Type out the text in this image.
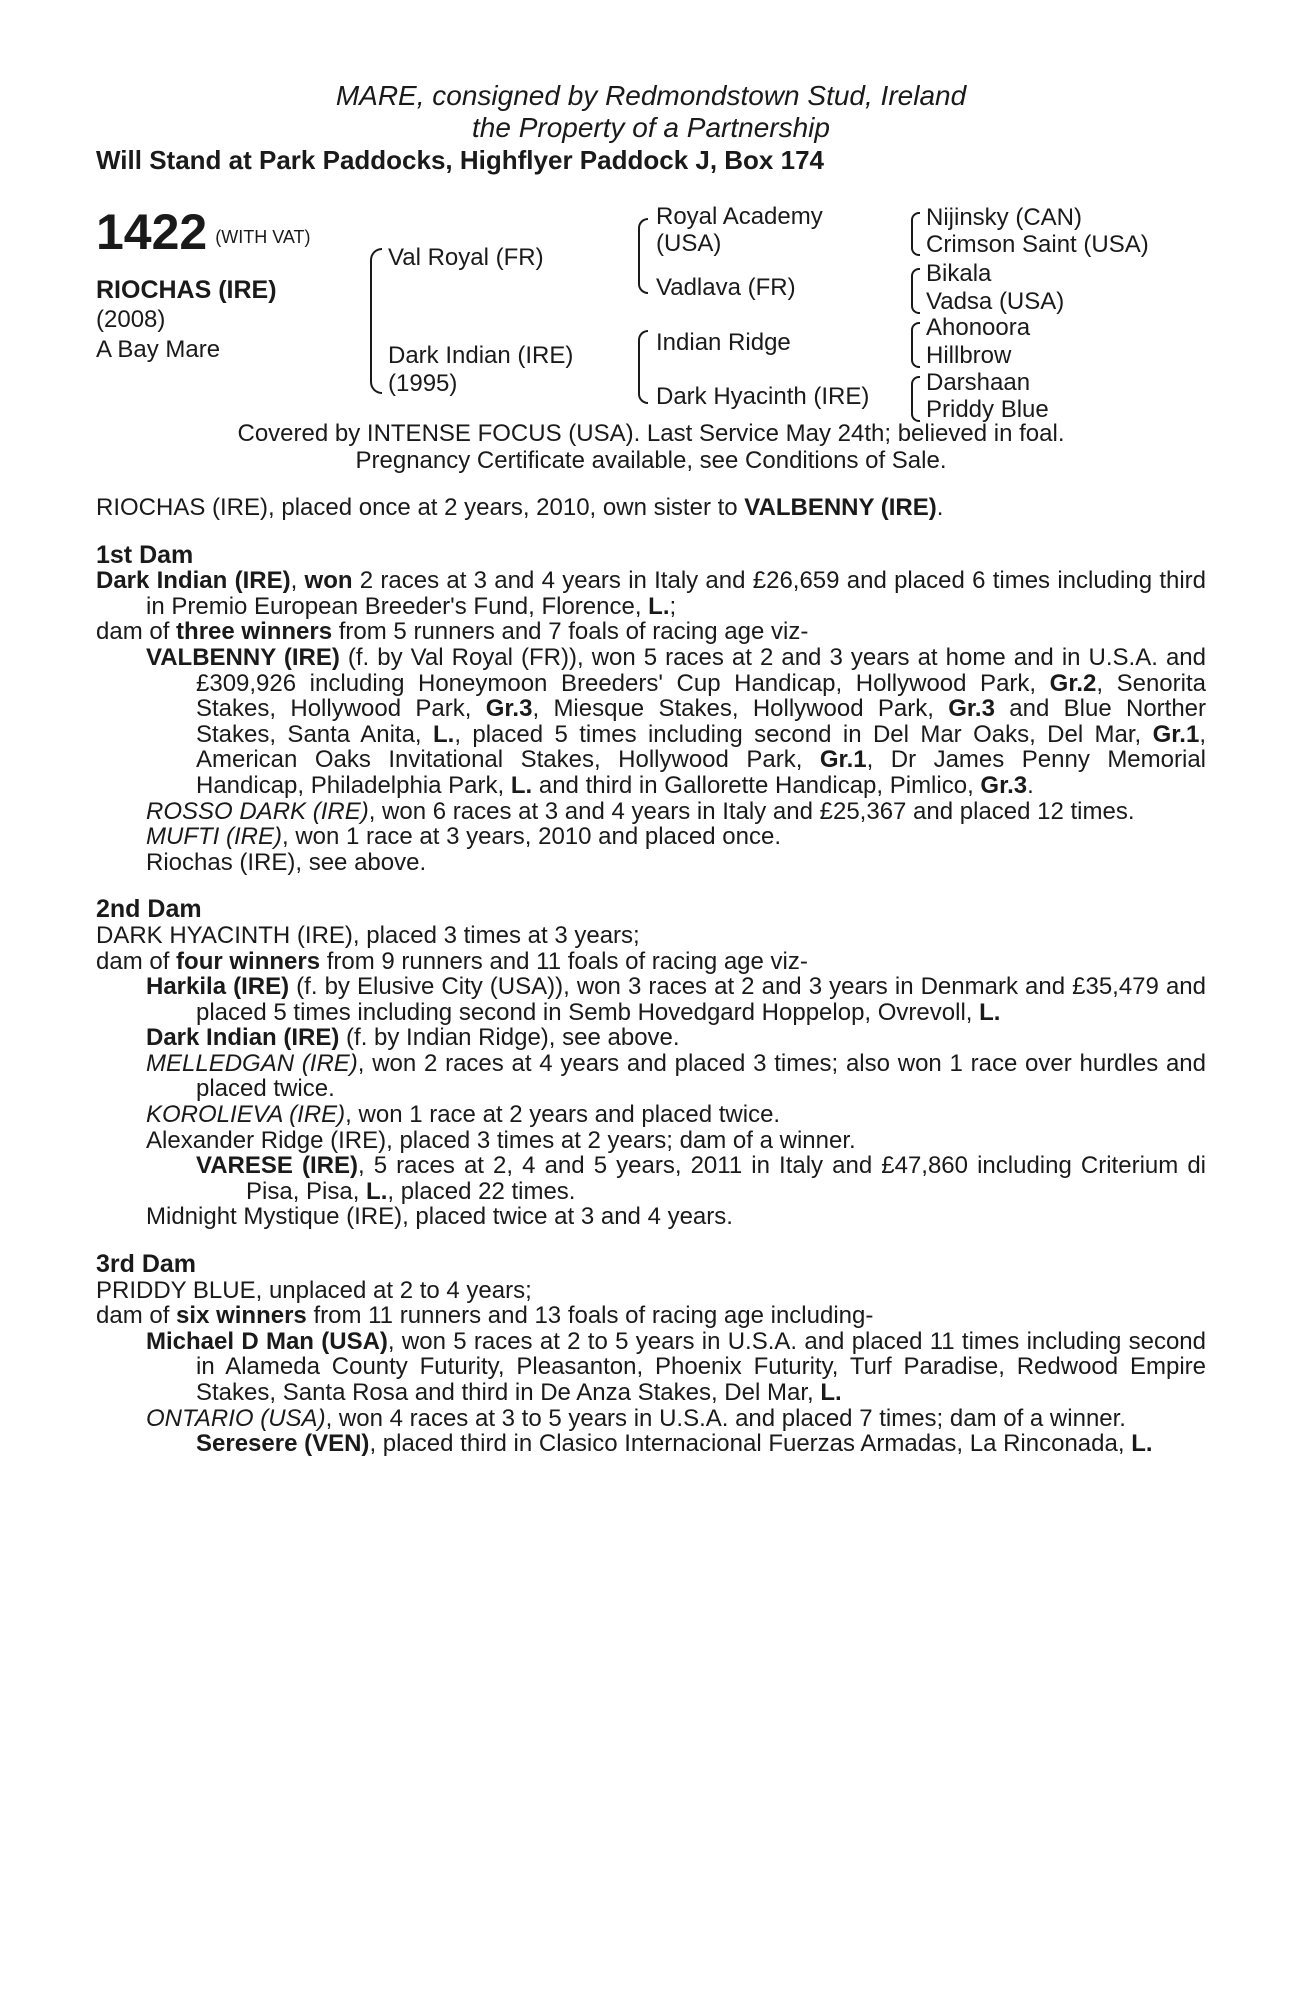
MARE, consigned by Redmondstown Stud, Ireland
the Property of a Partnership
Will Stand at Park Paddocks, Highflyer Paddock J, Box 174
1422 (WITH VAT)
RIOCHAS (IRE)
(2008)
A Bay Mare
Val Royal (FR)
Dark Indian (IRE)
(1995)
Royal Academy
(USA)
Vadlava (FR)
Indian Ridge
Dark Hyacinth (IRE)
Nijinsky (CAN)
Crimson Saint (USA)
Bikala
Vadsa (USA)
Ahonoora
Hillbrow
Darshaan
Priddy Blue
Covered by INTENSE FOCUS (USA). Last Service May 24th; believed in foal.
Pregnancy Certificate available, see Conditions of Sale.

RIOCHAS (IRE), placed once at 2 years, 2010, own sister to VALBENNY (IRE).

1st Dam

Dark Indian (IRE), won 2 races at 3 and 4 years in Italy and £26,659 and placed 6 times including third in Premio European Breeder's Fund, Florence, L.;

dam of three winners from 5 runners and 7 foals of racing age viz-

VALBENNY (IRE) (f. by Val Royal (FR)), won 5 races at 2 and 3 years at home and in U.S.A. and £309,926 including Honeymoon Breeders' Cup Handicap, Hollywood Park, Gr.2, Senorita Stakes, Hollywood Park, Gr.3, Miesque Stakes, Hollywood Park, Gr.3 and Blue Norther Stakes, Santa Anita, L., placed 5 times including second in Del Mar Oaks, Del Mar, Gr.1, American Oaks Invitational Stakes, Hollywood Park, Gr.1, Dr James Penny Memorial Handicap, Philadelphia Park, L. and third in Gallorette Handicap, Pimlico, Gr.3.

ROSSO DARK (IRE), won 6 races at 3 and 4 years in Italy and £25,367 and placed 12 times.

MUFTI (IRE), won 1 race at 3 years, 2010 and placed once.

Riochas (IRE), see above.

2nd Dam

DARK HYACINTH (IRE), placed 3 times at 3 years;

dam of four winners from 9 runners and 11 foals of racing age viz-

Harkila (IRE) (f. by Elusive City (USA)), won 3 races at 2 and 3 years in Denmark and £35,479 and placed 5 times including second in Semb Hovedgard Hoppelop, Ovrevoll, L.

Dark Indian (IRE) (f. by Indian Ridge), see above.

MELLEDGAN (IRE), won 2 races at 4 years and placed 3 times; also won 1 race over hurdles and placed twice.

KOROLIEVA (IRE), won 1 race at 2 years and placed twice.

Alexander Ridge (IRE), placed 3 times at 2 years; dam of a winner.

VARESE (IRE), 5 races at 2, 4 and 5 years, 2011 in Italy and £47,860 including Criterium di Pisa, Pisa, L., placed 22 times.

Midnight Mystique (IRE), placed twice at 3 and 4 years.

3rd Dam

PRIDDY BLUE, unplaced at 2 to 4 years;

dam of six winners from 11 runners and 13 foals of racing age including-

Michael D Man (USA), won 5 races at 2 to 5 years in U.S.A. and placed 11 times including second in Alameda County Futurity, Pleasanton, Phoenix Futurity, Turf Paradise, Redwood Empire Stakes, Santa Rosa and third in De Anza Stakes, Del Mar, L.

ONTARIO (USA), won 4 races at 3 to 5 years in U.S.A. and placed 7 times; dam of a winner.

Seresere (VEN), placed third in Clasico Internacional Fuerzas Armadas, La Rinconada, L.
